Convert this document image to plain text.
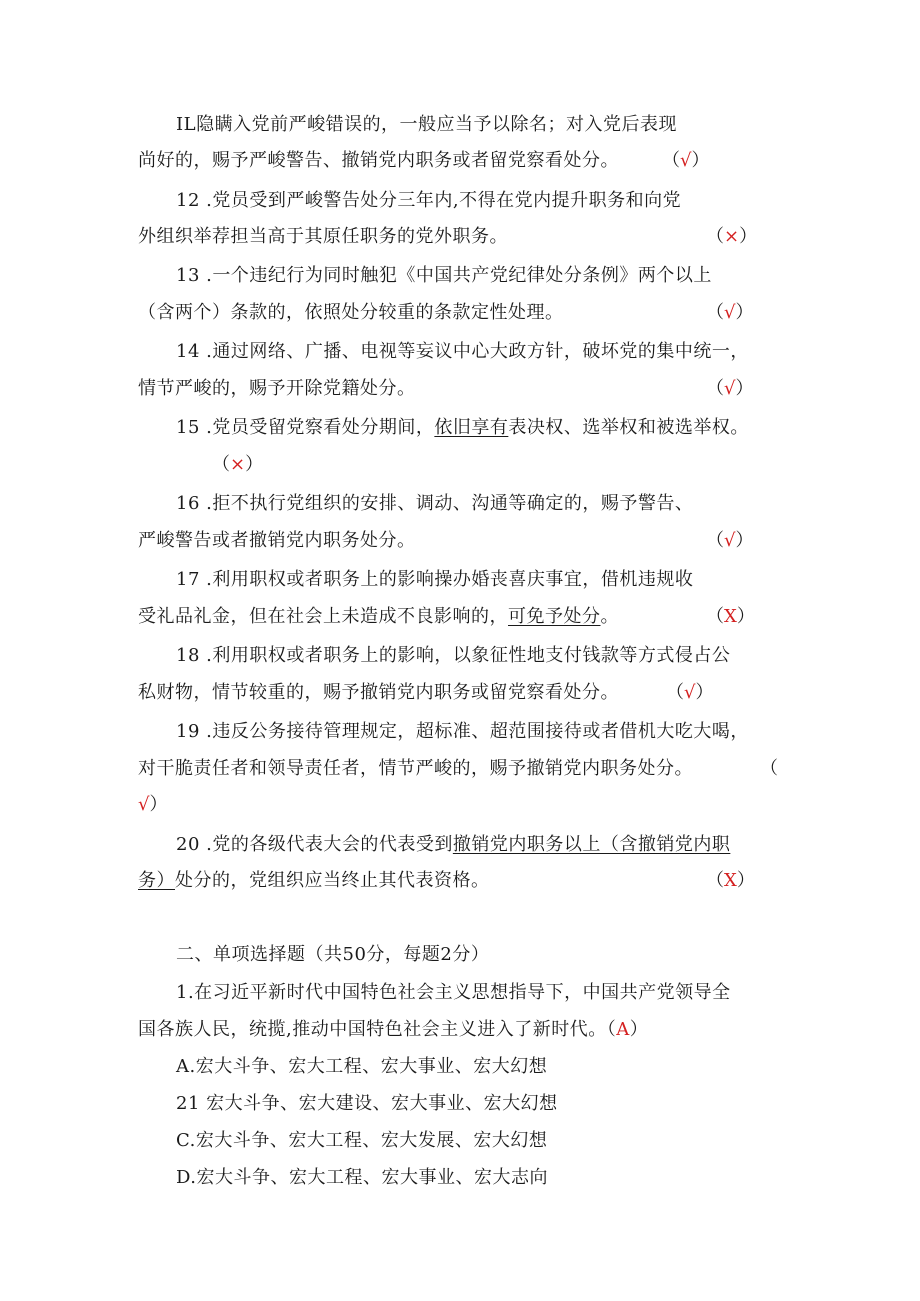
IL隐瞒入党前严峻错误的，一般应当予以除名；对入党后表现
尚好的，赐予严峻警告、撤销党内职务或者留党察看处分。 （√）
12 .党员受到严峻警告处分三年内,不得在党内提升职务和向党
外组织举荐担当高于其原任职务的党外职务。	（×）
13 .一个违纪行为同时触犯《中国共产党纪律处分条例》两个以上
（含两个）条款的，依照处分较重的条款定性处理。	（√）
14 .通过网络、广播、电视等妄议中心大政方针，破坏党的集中统一，
情节严峻的，赐予开除党籍处分。	（√）
15 .党员受留党察看处分期间，依旧享有表决权、选举权和被选举权。
（×）
16 .拒不执行党组织的安排、调动、沟通等确定的，赐予警告、
严峻警告或者撤销党内职务处分。	（√）
17 .利用职权或者职务上的影响操办婚丧喜庆事宜，借机违规收
受礼品礼金，但在社会上未造成不良影响的，可免予处分。	（X）
18 .利用职权或者职务上的影响，以象征性地支付钱款等方式侵占公
私财物，情节较重的，赐予撤销党内职务或留党察看处分。	（√）
19 .违反公务接待管理规定，超标准、超范围接待或者借机大吃大喝，
对干脆责任者和领导责任者，情节严峻的，赐予撤销党内职务处分。	（
√）
20 .党的各级代表大会的代表受到撤销党内职务以上（含撤销党内职
务）处分的，党组织应当终止其代表资格。	（X）
二、单项选择题（共50分，每题2分）
1.在习近平新时代中国特色社会主义思想指导下，中国共产党领导全
国各族人民，统揽,推动中国特色社会主义进入了新时代。（A）
A.宏大斗争、宏大工程、宏大事业、宏大幻想
21 宏大斗争、宏大建设、宏大事业、宏大幻想
C.宏大斗争、宏大工程、宏大发展、宏大幻想
D.宏大斗争、宏大工程、宏大事业、宏大志向
